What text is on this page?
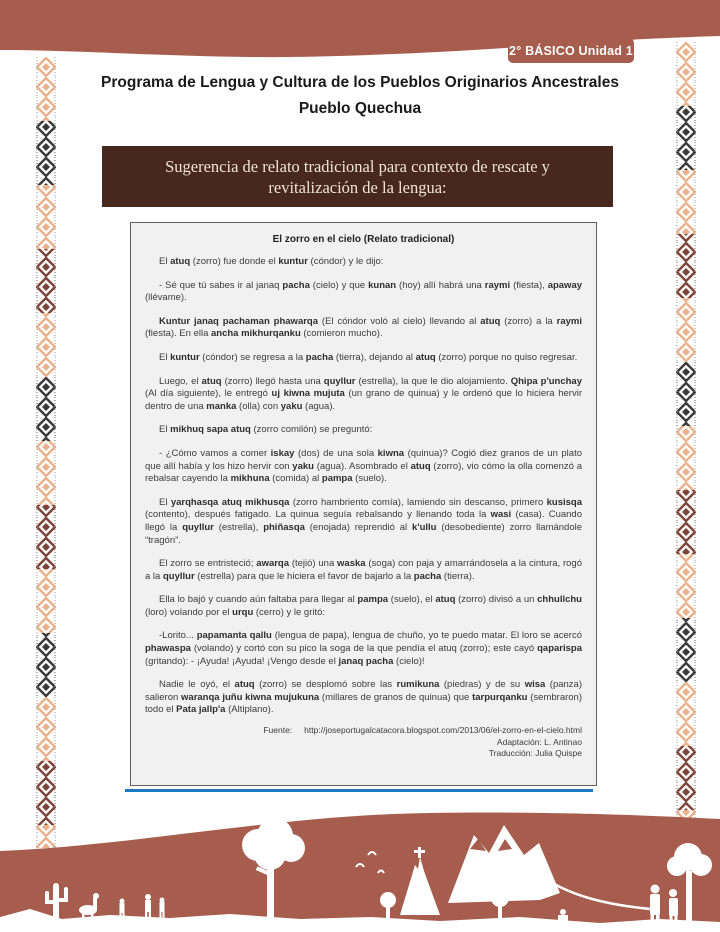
2° BÁSICO Unidad 1
Programa de Lengua y Cultura de los Pueblos Originarios Ancestrales
Pueblo Quechua
Sugerencia de relato tradicional para contexto de rescate y revitalización de la lengua:
El zorro en el cielo (Relato tradicional)

El atuq (zorro) fue donde el kuntur (cóndor) y le dijo:

- Sé que tú sabes ir al janaq pacha (cielo) y que kunan (hoy) allí habrá una raymi (fiesta), apaway (llévame).

Kuntur janaq pachaman phawarqa (El cóndor voló al cielo) llevando al atuq (zorro) a la raymi (fiesta). En ella ancha mikhurqanku (comieron mucho).

El kuntur (cóndor) se regresa a la pacha (tierra), dejando al atuq (zorro) porque no quiso regresar.

Luego, el atuq (zorro) llegó hasta una quyllur (estrella), la que le dio alojamiento. Qhipa p'unchay (Al día siguiente), le entregó uj kiwna mujuta (un grano de quinua) y le ordenó que lo hiciera hervir dentro de una manka (olla) con yaku (agua).

El mikhuq sapa atuq (zorro comilón) se preguntó:

- ¿Cómo vamos a comer iskay (dos) de una sola kiwna (quinua)? Cogió diez granos de un plato que allí había y los hizo hervir con yaku (agua). Asombrado el atuq (zorro), vio cómo la olla comenzó a rebalsar cayendo la mikhuna (comida) al pampa (suelo).

El yarqhasqa atuq mikhusqa (zorro hambriento comía), lamiendo sin descanso, primero kusisqa (contento), después fatigado. La quinua seguía rebalsando y llenando toda la wasi (casa). Cuando llegó la quyllur (estrella), phiñasqa (enojada) reprendió al k'ullu (desobediente) zorro llamándole “tragón”.

El zorro se entristeció; awarqa (tejió) una waska (soga) con paja y amarrándosela a la cintura, rogó a la quyllur (estrella) para que le hiciera el favor de bajarlo a la pacha (tierra).

Ella lo bajó y cuando aún faltaba para llegar al pampa (suelo), el atuq (zorro) divisó a un chhullchu (loro) volando por el urqu (cerro) y le gritó:

-Lorito... papamanta qallu (lengua de papa), lengua de chuño, yo te puedo matar. El loro se acercó phawaspa (volando) y cortó con su pico la soga de la que pendía el atuq (zorro); este cayó qaparispa (gritando): - ¡Ayuda! ¡Ayuda! ¡Vengo desde el janaq pacha (cielo)!

Nadie le oyó, el atuq (zorro) se desplomó sobre las rumikuna (piedras) y de su wisa (panza) salieron waranqa juñu kiwna mujukuna (millares de granos de quinua) que tarpurqanku (sembraron) todo el Pata jallp'a (Altiplano).

Fuente: http://joseportugalcatacora.blogspot.com/2013/06/el-zorro-en-el-cielo.html
Adaptación: L. Antinao
Traducción: Julia Quispe
